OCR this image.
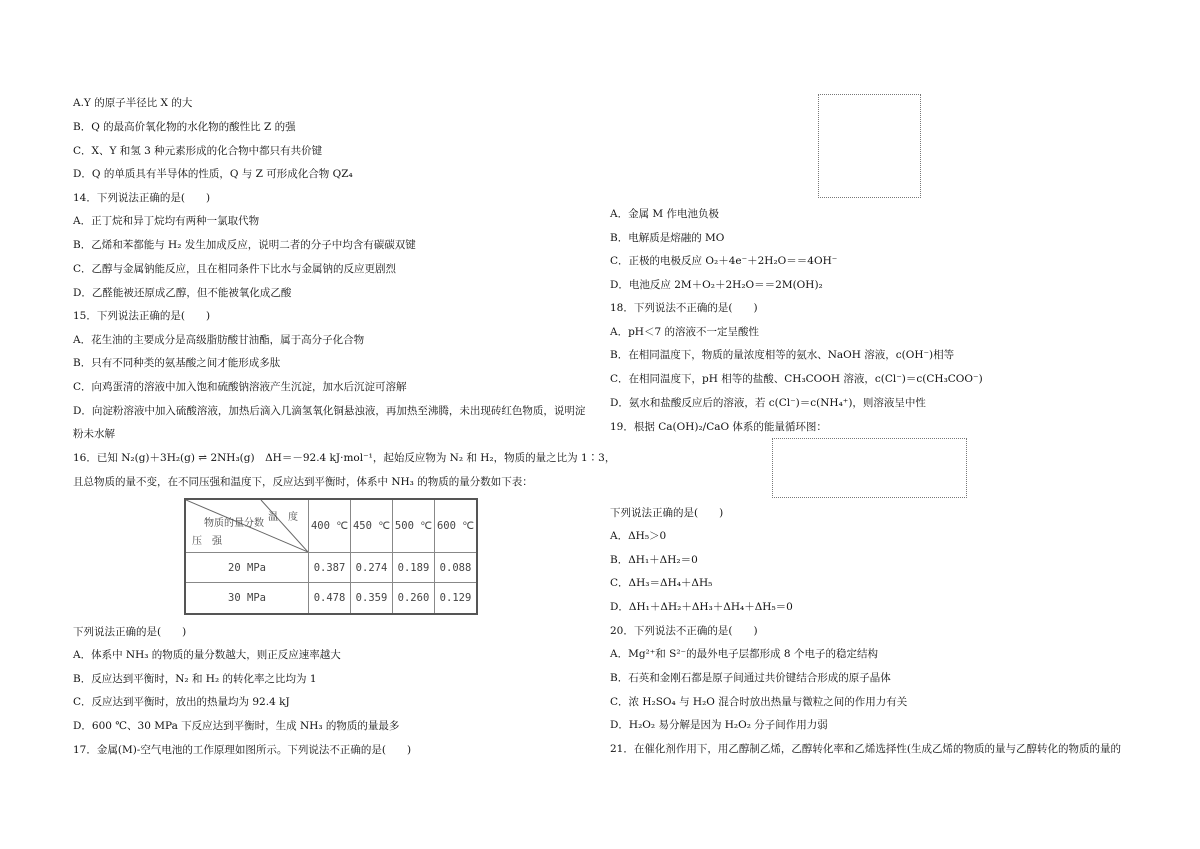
A.Y 的原子半径比 X 的大
B．Q 的最高价氧化物的水化物的酸性比 Z 的强
C．X、Y 和氢 3 种元素形成的化合物中都只有共价键
D．Q 的单质具有半导体的性质，Q 与 Z 可形成化合物 QZ₄
14．下列说法正确的是(　　)
A．正丁烷和异丁烷均有两种一氯取代物
B．乙烯和苯都能与 H₂ 发生加成反应，说明二者的分子中均含有碳碳双键
C．乙醇与金属钠能反应，且在相同条件下比水与金属钠的反应更剧烈
D．乙醛能被还原成乙醇，但不能被氧化成乙酸
15．下列说法正确的是(　　)
A．花生油的主要成分是高级脂肪酸甘油酯，属于高分子化合物
B．只有不同种类的氨基酸之间才能形成多肽
C．向鸡蛋清的溶液中加入饱和硫酸钠溶液产生沉淀，加水后沉淀可溶解
D．向淀粉溶液中加入硫酸溶液，加热后滴入几滴氢氧化铜悬浊液，再加热至沸腾，未出现砖红色物质，说明淀
粉未水解
16．已知 N₂(g)＋3H₂(g) ⇌ 2NH₃(g)　ΔH＝－92.4 kJ·mol⁻¹，起始反应物为 N₂ 和 H₂，物质的量之比为 1∶3，
且总物质的量不变，在不同压强和温度下，反应达到平衡时，体系中 NH₃ 的物质的量分数如下表：
温　度
物质的量分数
压　强	400 ℃	450 ℃	500 ℃	600 ℃
20 MPa	0.387	0.274	0.189	0.088
30 MPa	0.478	0.359	0.260	0.129
下列说法正确的是(　　)
A．体系中 NH₃ 的物质的量分数越大，则正反应速率越大
B．反应达到平衡时，N₂ 和 H₂ 的转化率之比均为 1
C．反应达到平衡时，放出的热量均为 92.4 kJ
D．600 ℃、30 MPa 下反应达到平衡时，生成 NH₃ 的物质的量最多
17．金属(M)-空气电池的工作原理如图所示。下列说法不正确的是(　　)
A．金属 M 作电池负极
B．电解质是熔融的 MO
C．正极的电极反应 O₂＋4e⁻＋2H₂O＝＝4OH⁻
D．电池反应 2M＋O₂＋2H₂O＝＝2M(OH)₂
18．下列说法不正确的是(　　)
A．pH＜7 的溶液不一定呈酸性
B．在相同温度下，物质的量浓度相等的氨水、NaOH 溶液，c(OH⁻)相等
C．在相同温度下，pH 相等的盐酸、CH₃COOH 溶液，c(Cl⁻)＝c(CH₃COO⁻)
D．氨水和盐酸反应后的溶液，若 c(Cl⁻)＝c(NH₄⁺)，则溶液呈中性
19．根据 Ca(OH)₂/CaO 体系的能量循环图：
下列说法正确的是(　　)
A．ΔH₅＞0
B．ΔH₁＋ΔH₂＝0
C．ΔH₃＝ΔH₄＋ΔH₅
D．ΔH₁＋ΔH₂＋ΔH₃＋ΔH₄＋ΔH₅＝0
20．下列说法不正确的是(　　)
A．Mg²⁺和 S²⁻的最外电子层都形成 8 个电子的稳定结构
B．石英和金刚石都是原子间通过共价键结合形成的原子晶体
C．浓 H₂SO₄ 与 H₂O 混合时放出热量与微粒之间的作用力有关
D．H₂O₂ 易分解是因为 H₂O₂ 分子间作用力弱
21．在催化剂作用下，用乙醇制乙烯，乙醇转化率和乙烯选择性(生成乙烯的物质的量与乙醇转化的物质的量的
